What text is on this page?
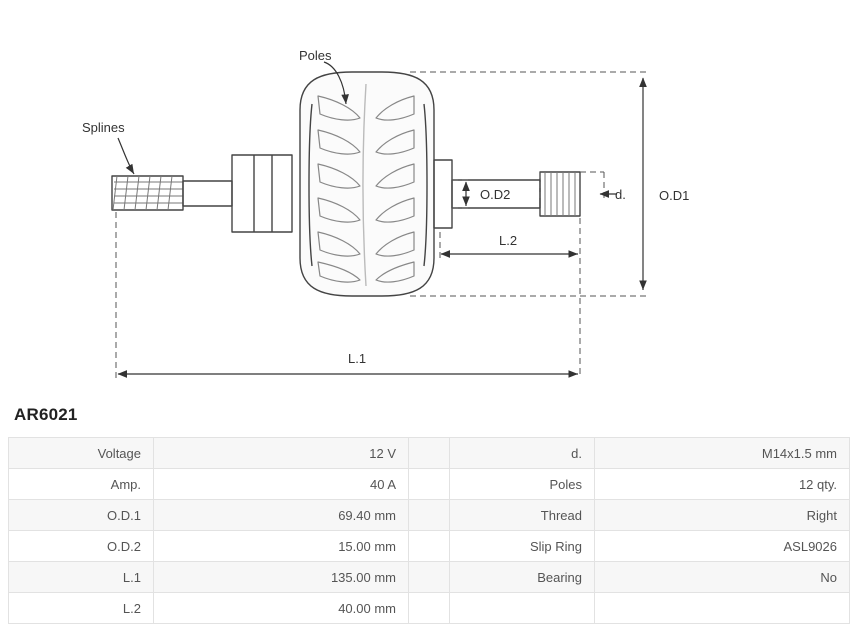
Poles
Splines
O.D1
O.D2	d.
L.1
L.2
AR6021
Voltage	12 V		d.	M14x1.5 mm
Amp.	40 A		Poles	12 qty.
O.D.1	69.40 mm		Thread	Right
O.D.2	15.00 mm		Slip Ring	ASL9026
L.1	135.00 mm		Bearing	No
L.2	40.00 mm			
